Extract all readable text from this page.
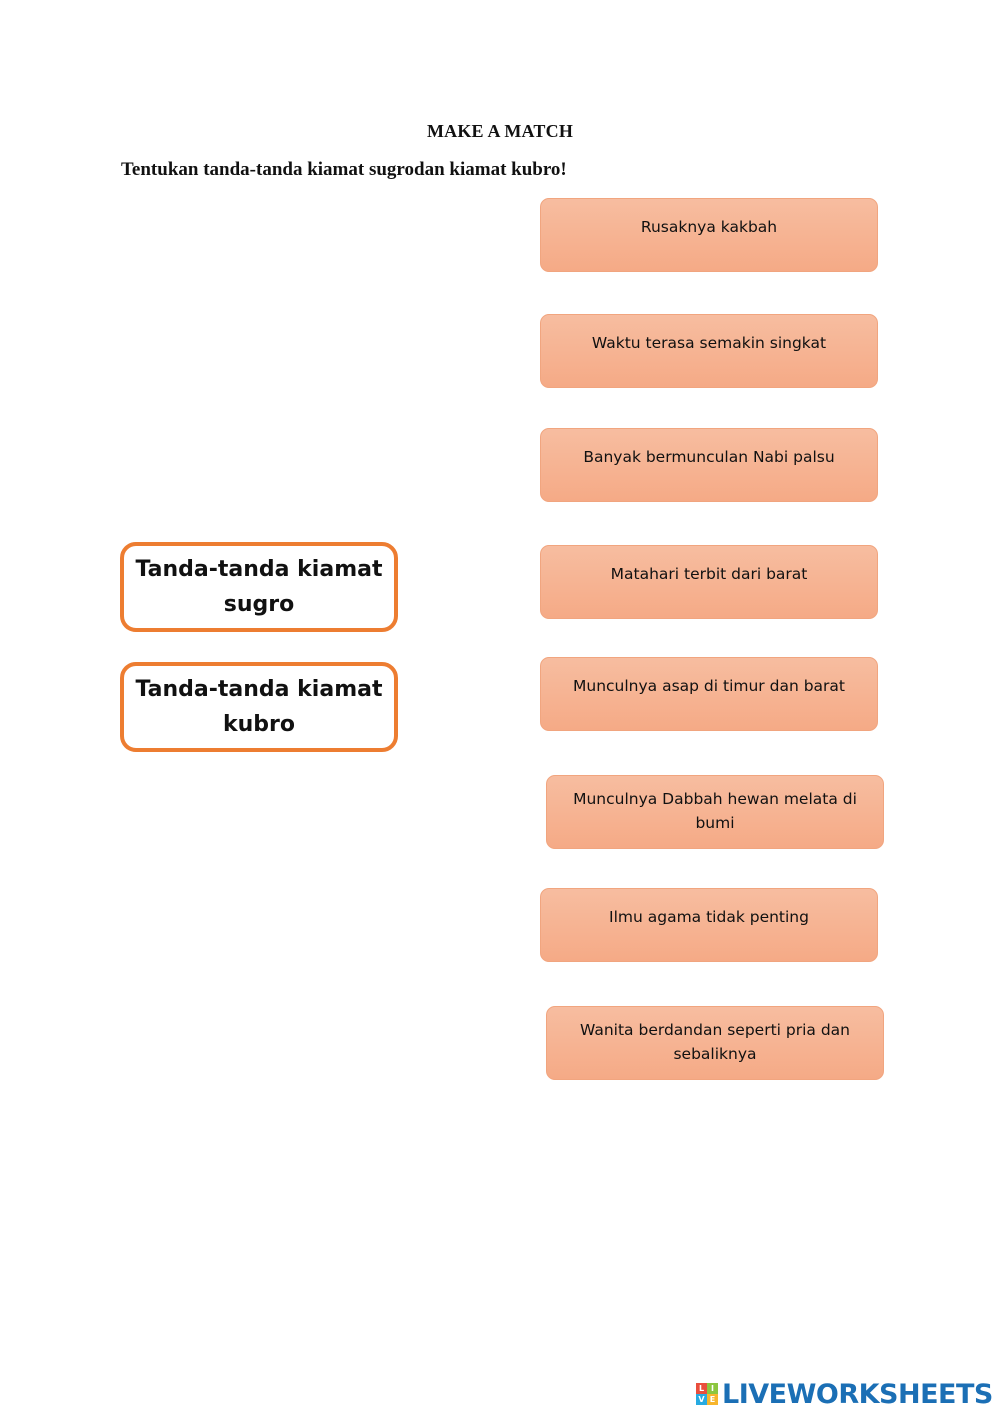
MAKE A MATCH
Tentukan tanda-tanda kiamat sugrodan kiamat kubro!
Tanda-tanda kiamat sugro
Tanda-tanda kiamat kubro
Rusaknya kakbah
Waktu terasa semakin singkat
Banyak bermunculan Nabi palsu
Matahari terbit dari barat
Munculnya asap di timur dan barat
Munculnya Dabbah hewan melata di bumi
Ilmu agama tidak penting
Wanita berdandan seperti pria dan sebaliknya
L I
V E LIVEWORKSHEETS
